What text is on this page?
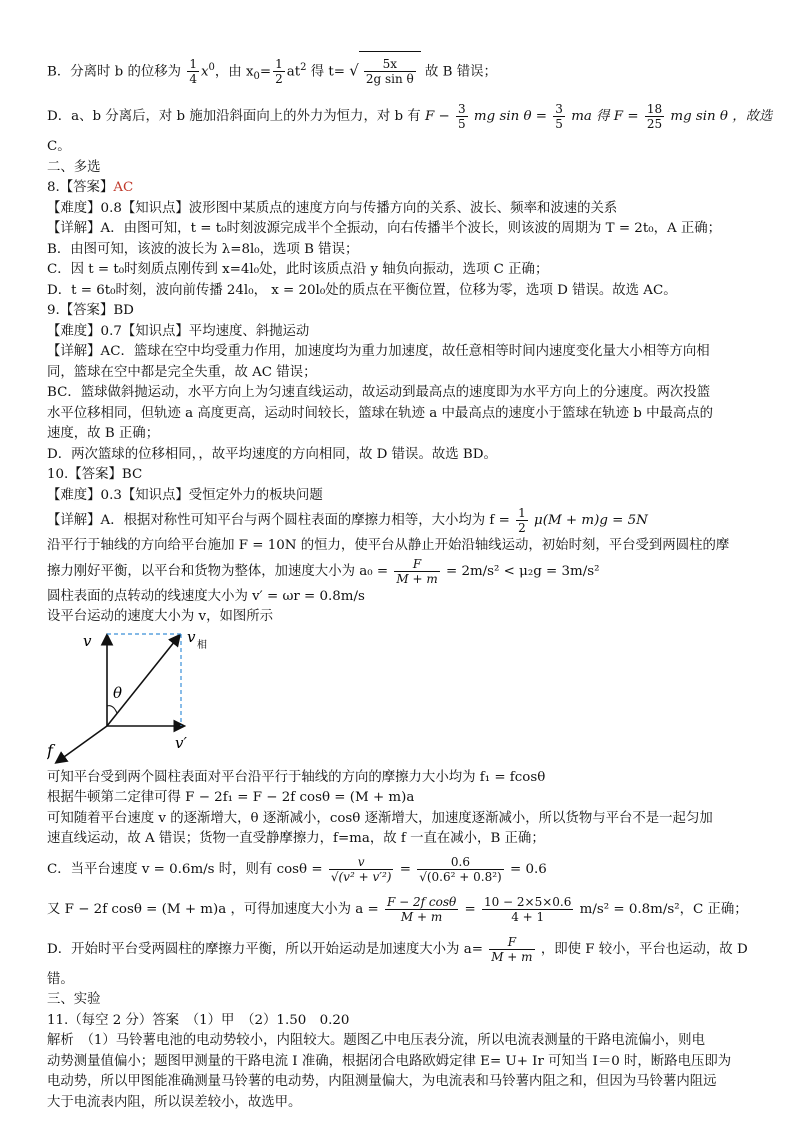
B．分离时 b 的位移为 $\frac{1}{4} x^0$，由 $x_0= \frac{1}{2} at^2$ 得 t= √ $\frac{5x}{\text{2g sin θ}}$ 故 B 错误；
D．a、b 分离后，对 b 施加沿斜面向上的外力为恒力，对 b 有 $F - \frac{3}{5}$ mg $\sin \theta = \frac{3}{5}$ ma 得 $F = \frac{18}{25}$ mg sin θ ，故选
C。
二、多选
8.【答案】AC
【难度】0.8【知识点】波形图中某质点的速度方向与传播方向的关系、波长、频率和波速的关系
【详解】A．由图可知，t = t₀时刻波源完成半个全振动，向右传播半个波长，则该波的周期为 T = 2t₀，A 正确；
B．由图可知，该波的波长为 λ=8l₀，选项 B 错误；
C．因 t = t₀时刻质点刚传到 x=4l₀处，此时该质点沿 y 轴负向振动，选项 C 正确；
D．t = 6t₀时刻，波向前传播 24l₀， x = 20l₀处的质点在平衡位置，位移为零，选项 D 错误。故选 AC。
9.【答案】BD
【难度】0.7【知识点】平均速度、斜抛运动
【详解】AC．篮球在空中均受重力作用，加速度均为重力加速度，故任意相等时间内速度变化量大小相等方向相
同，篮球在空中都是完全失重，故 AC 错误；
BC．篮球做斜抛运动，水平方向上为匀速直线运动，故运动到最高点的速度即为水平方向上的分速度。两次投篮
水平位移相同，但轨迹 a 高度更高，运动时间较长，篮球在轨迹 a 中最高点的速度小于篮球在轨迹 b 中最高点的
速度，故 B 正确；
D．两次篮球的位移相同，，故平均速度的方向相同，故 D 错误。故选 BD。
10.【答案】BC
【难度】0.3【知识点】受恒定外力的板块问题
【详解】A．根据对称性可知平台与两个圆柱表面的摩擦力相等，大小均为 $f = \frac{1}{2} \mu(M + m)g = 5N$
沿平行于轴线的方向给平台施加 F = 10N 的恒力，使平台从静止开始沿轴线运动，初始时刻，平台受到两圆柱的摩
擦力刚好平衡，以平台和货物为整体，加速度大小为 $a_0 = \frac{F}{M + m} = 2m/s^2 < \mu_2g = 3m/s^2$
圆柱表面的点转动的线速度大小为 v′ = ωr = 0.8m/s
设平台运动的速度大小为 v，如图所示
v	v 相
θ
v′
f
可知平台受到两个圆柱表面对平台沿平行于轴线的方向的摩擦力大小均为 f₁ = fcosθ
根据牛顿第二定律可得 F − 2f₁ = F − 2f cosθ = (M + m)a
可知随着平台速度 v 的逐渐增大，θ 逐渐减小，cosθ 逐渐增大，加速度逐渐减小，所以货物与平台不是一起匀加
速直线运动，故 A 错误；货物一直受静摩擦力，f=ma，故 f 一直在减小，B 正确；
C．当平台速度 v = 0.6m/s 时，则有 $\cos\theta = \frac{v}{\text{√(v² + v′²)}} = \frac{0.6}{\text{√(0.6² + 0.8²)}} = 0.6$
又 F − 2f cosθ = (M + m)a ，可得加速度大小为 $a = \frac{\text{F − 2f cosθ}}{M + m} = \frac{10 - 2\times 5\times 0.6}{4 + 1} m/s^2 = 0.8m/s^2$，C 正确；
D．开始时平台受两圆柱的摩擦力平衡，所以开始运动是加速度大小为 $a= \frac{F}{M + m}$ ，即使 F 较小，平台也运动，故 D
错。
三、实验
11.（每空 2 分）答案　（1）甲　（2）1.50　0.20
解析　（1）马铃薯电池的电动势较小，内阻较大。题图乙中电压表分流，所以电流表测量的干路电流偏小，则电
动势测量值偏小；题图甲测量的干路电流 I 准确，根据闭合电路欧姆定律 E= U+ Ir 可知当 I＝0 时，断路电压即为
电动势，所以甲图能准确测量马铃薯的电动势，内阻测量偏大，为电流表和马铃薯内阻之和，但因为马铃薯内阻远
大于电流表内阻，所以误差较小，故选甲。
